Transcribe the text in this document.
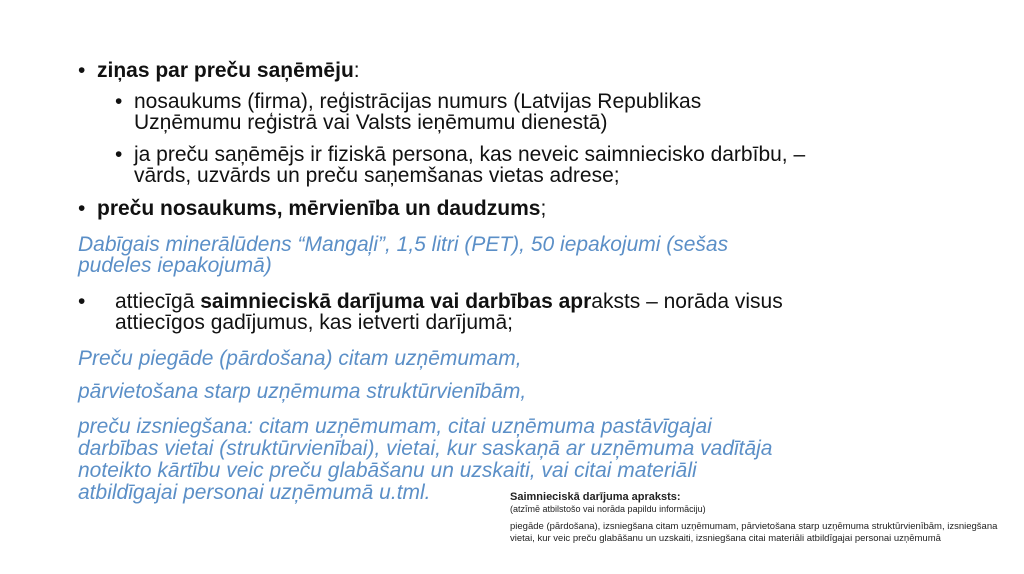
• ziņas par preču saņēmēju:

• nosaukums (firma), reģistrācijas numurs (Latvijas Republikas

Uzņēmumu reģistrā vai Valsts ieņēmumu dienestā)

• ja preču saņēmējs ir fiziskā persona, kas neveic saimniecisko darbību, –

vārds, uzvārds un preču saņemšanas vietas adrese;

• preču nosaukums, mērvienība un daudzums;

Dabīgais minerālūdens “Mangaļi”, 1,5 litri (PET), 50 iepakojumi (sešas

pudeles iepakojumā)

• attiecīgā saimnieciskā darījuma vai darbības apraksts – norāda visus

attiecīgos gadījumus, kas ietverti darījumā;

Preču piegāde (pārdošana) citam uzņēmumam,

pārvietošana starp uzņēmuma struktūrvienībām,

preču izsniegšana: citam uzņēmumam, citai uzņēmuma pastāvīgajai

darbības vietai (struktūrvienībai), vietai, kur saskaņā ar uzņēmuma vadītāja

noteikto kārtību veic preču glabāšanu un uzskaiti, vai citai materiāli

atbildīgajai personai uzņēmumā u.tml.	Saimnieciskā darījuma apraksts:

(atzīmē atbilstošo vai norāda papildu informāciju)

piegāde (pārdošana), izsniegšana citam uzņēmumam, pārvietošana starp uzņēmuma struktūrvienībām, izsniegšana vietai, kur veic preču glabāšanu un uzskaiti, izsniegšana citai materiāli atbildīgajai personai uzņēmumā
